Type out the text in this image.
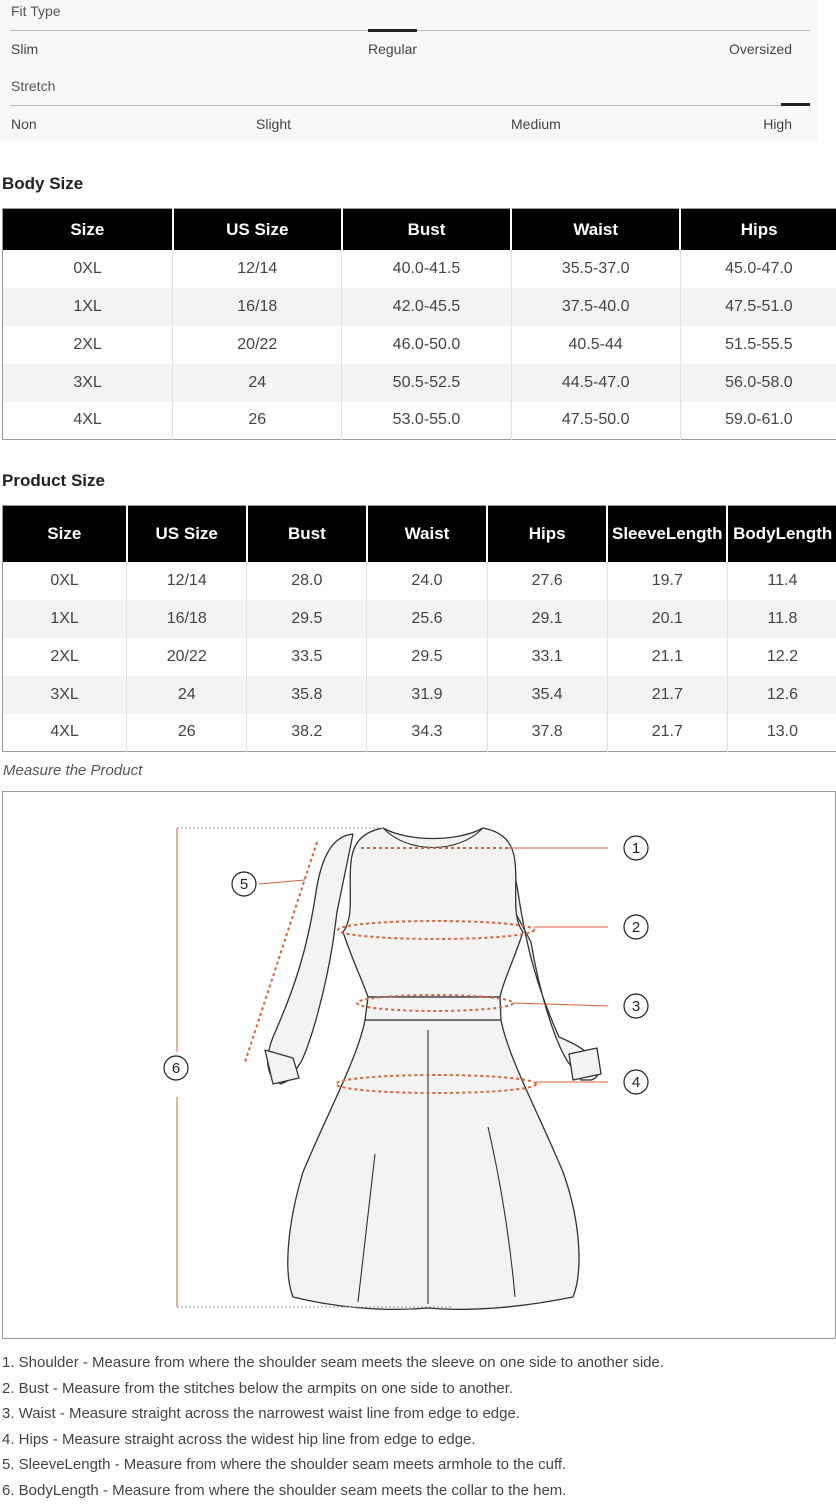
Fit Type
Slim	Regular	Oversized
Stretch
Non	Slight	Medium	High
Body Size
Size	US Size	Bust	Waist	Hips
0XL	12/14	40.0-41.5	35.5-37.0	45.0-47.0
1XL	16/18	42.0-45.5	37.5-40.0	47.5-51.0
2XL	20/22	46.0-50.0	40.5-44	51.5-55.5
3XL	24	50.5-52.5	44.5-47.0	56.0-58.0
4XL	26	53.0-55.0	47.5-50.0	59.0-61.0
Product Size
Size	US Size	Bust	Waist	Hips	SleeveLength	BodyLength
0XL	12/14	28.0	24.0	27.6	19.7	11.4
1XL	16/18	29.5	25.6	29.1	20.1	11.8
2XL	20/22	33.5	29.5	33.1	21.1	12.2
3XL	24	35.8	31.9	35.4	21.7	12.6
4XL	26	38.2	34.3	37.8	21.7	13.0
Measure the Product
1
2
3
4
5
6
1. Shoulder - Measure from where the shoulder seam meets the sleeve on one side to another side.
2. Bust - Measure from the stitches below the armpits on one side to another.
3. Waist - Measure straight across the narrowest waist line from edge to edge.
4. Hips - Measure straight across the widest hip line from edge to edge.
5. SleeveLength - Measure from where the shoulder seam meets armhole to the cuff.
6. BodyLength - Measure from where the shoulder seam meets the collar to the hem.
